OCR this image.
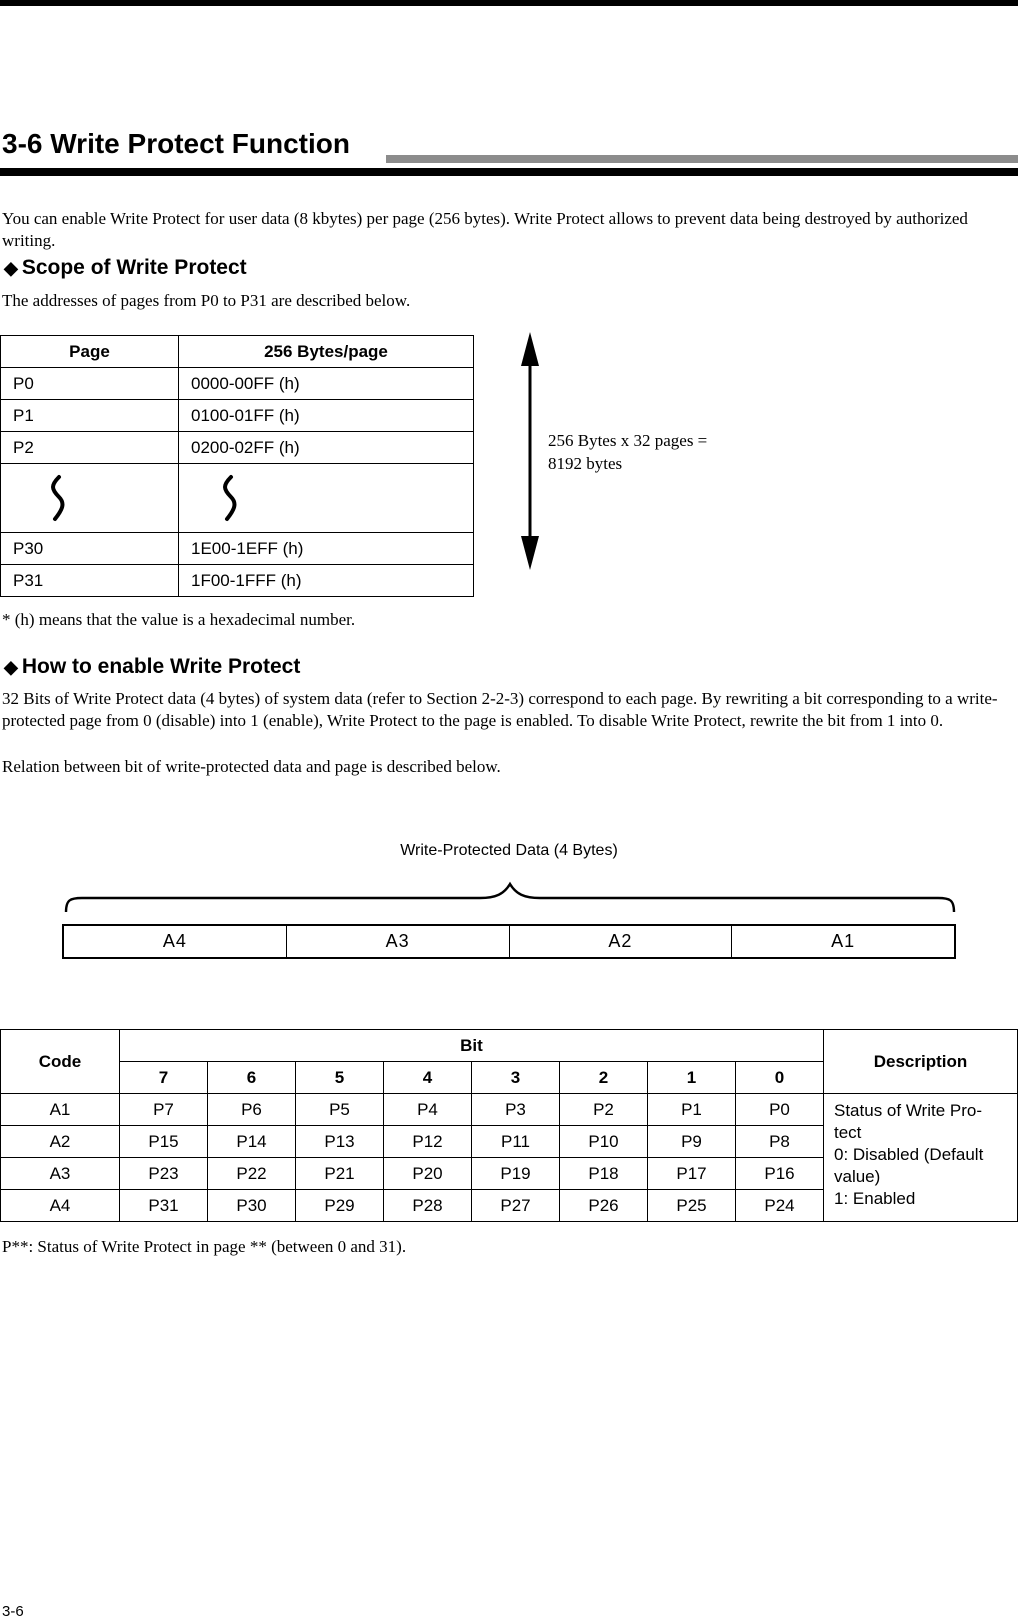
3-6 Write Protect Function
You can enable Write Protect for user data (8 kbytes) per page (256 bytes). Write Protect allows to prevent data being destroyed by authorized writing.
◆ Scope of Write Protect
The addresses of pages from P0 to P31 are described below.
Page	256 Bytes/page
P0	0000-00FF (h)
P1	0100-01FF (h)
P2	0200-02FF (h)

P30	1E00-1EFF (h)
P31	1F00-1FFF (h)
256 Bytes x 32 pages =
8192 bytes
* (h) means that the value is a hexadecimal number.
◆ How to enable Write Protect
32 Bits of Write Protect data (4 bytes) of system data (refer to Section 2-2-3) correspond to each page. By rewriting a bit corresponding to a write-protected page from 0 (disable) into 1 (enable), Write Protect to the page is enabled. To disable Write Protect, rewrite the bit from 1 into 0.
Relation between bit of write-protected data and page is described below.
Write-Protected Data (4 Bytes)
A4	A3	A2	A1
Code	Bit								Description
	7	6	5	4	3	2	1	0	
A1	P7	P6	P5	P4	P3	P2	P1	P0	Status of Write Pro-
tect
0: Disabled (Default
value)
1: Enabled

A2	P15	P14	P13	P12	P11	P10	P9	P8	
A3	P23	P22	P21	P20	P19	P18	P17	P16	
A4	P31	P30	P29	P28	P27	P26	P25	P24	
P**: Status of Write Protect in page ** (between 0 and 31).
3-6
